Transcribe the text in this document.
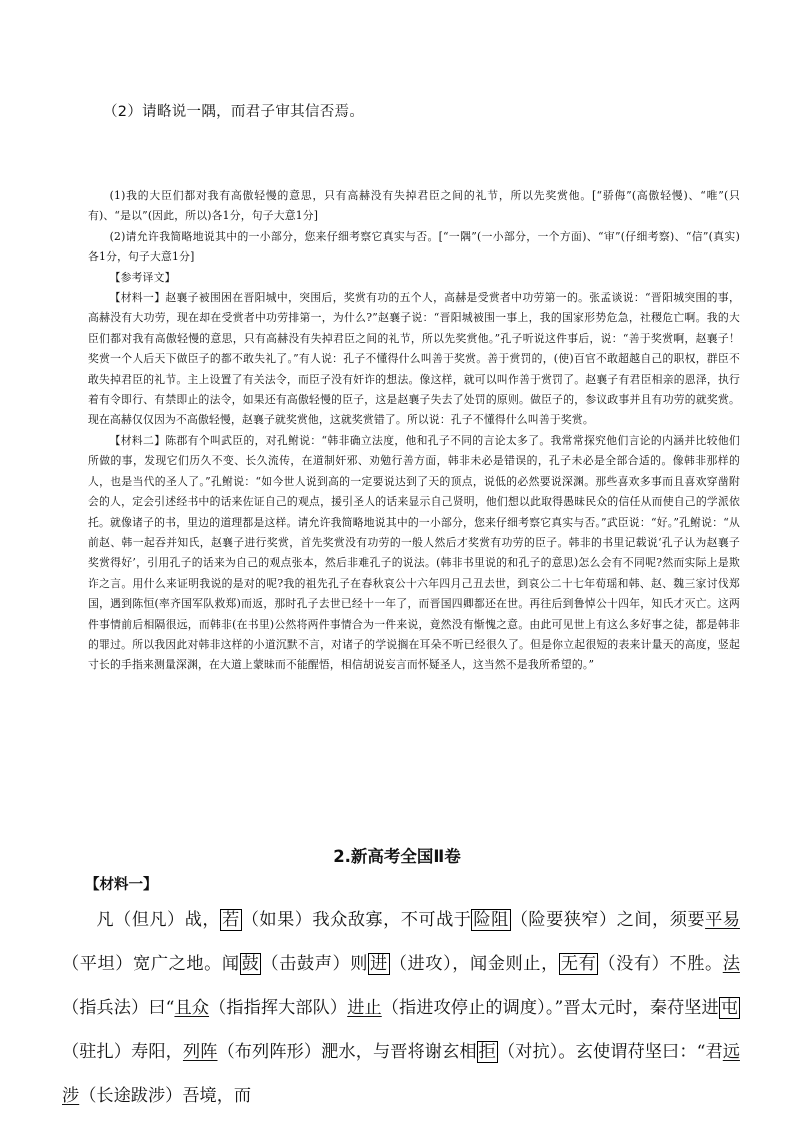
（2）请略说一隅，而君子审其信否焉。

(1)我的大臣们都对我有高傲轻慢的意思，只有高赫没有失掉君臣之间的礼节，所以先奖赏他。[“骄侮”(高傲轻慢)、“唯”(只有)、“是以”(因此，所以)各1分，句子大意1分]

(2)请允许我简略地说其中的一小部分，您来仔细考察它真实与否。[“一隅”(一小部分，一个方面)、“审”(仔细考察)、“信”(真实)各1分，句子大意1分]

【参考译文】

【材料一】赵襄子被围困在晋阳城中，突围后，奖赏有功的五个人，高赫是受赏者中功劳第一的。张孟谈说：“晋阳城突围的事，高赫没有大功劳，现在却在受赏者中功劳排第一，为什么?”赵襄子说：“晋阳城被围一事上，我的国家形势危急，社稷危亡啊。我的大臣们都对我有高傲轻慢的意思，只有高赫没有失掉君臣之间的礼节，所以先奖赏他。”孔子听说这件事后，说：“善于奖赏啊，赵襄子！奖赏一个人后天下做臣子的都不敢失礼了。”有人说：孔子不懂得什么叫善于奖赏。善于赏罚的，(使)百官不敢超越自己的职权，群臣不敢失掉君臣的礼节。主上设置了有关法令，而臣子没有奸诈的想法。像这样，就可以叫作善于赏罚了。赵襄子有君臣相亲的恩泽，执行着有令即行、有禁即止的法令，如果还有高傲轻慢的臣子，这是赵襄子失去了处罚的原则。做臣子的，参议政事并且有功劳的就奖赏。现在高赫仅仅因为不高傲轻慢，赵襄子就奖赏他，这就奖赏错了。所以说：孔子不懂得什么叫善于奖赏。

【材料二】陈郡有个叫武臣的，对孔鲋说：“韩非确立法度，他和孔子不同的言论太多了。我常常探究他们言论的内涵并比较他们所做的事，发现它们历久不变、长久流传，在道制奸邪、劝勉行善方面，韩非未必是错误的，孔子未必是全部合适的。像韩非那样的人，也是当代的圣人了。”孔鲋说：“如今世人说到高的一定要说达到了天的顶点，说低的必然要说深渊。那些喜欢多事而且喜欢穿凿附会的人，定会引述经书中的话来佐证自己的观点，援引圣人的话来显示自己贤明，他们想以此取得愚昧民众的信任从而使自己的学派依托。就像诸子的书，里边的道理都是这样。请允许我简略地说其中的一小部分，您来仔细考察它真实与否。”武臣说：“好。”孔鲋说：“从前赵、韩一起吞并知氏，赵襄子进行奖赏，首先奖赏没有功劳的一般人然后才奖赏有功劳的臣子。韩非的书里记载说‘孔子认为赵襄子奖赏得好’，引用孔子的话来为自己的观点张本，然后非难孔子的说法。(韩非书里说的和孔子的意思)怎么会有不同呢?然而实际上是欺诈之言。用什么来证明我说的是对的呢?我的祖先孔子在春秋哀公十六年四月己丑去世，到哀公二十七年荀瑶和韩、赵、魏三家讨伐郑国，遇到陈恒(率齐国军队救郑)而返，那时孔子去世已经十一年了，而晋国四卿都还在世。再往后到鲁悼公十四年，知氏才灭亡。这两件事情前后相隔很远，而韩非(在书里)公然将两件事情合为一件来说，竟然没有惭愧之意。由此可见世上有这么多好事之徒，都是韩非的罪过。所以我因此对韩非这样的小道沉默不言，对诸子的学说搁在耳朵不听已经很久了。但是你立起很短的表来计量天的高度，竖起寸长的手指来测量深渊，在大道上蒙昧而不能醒悟，相信胡说妄言而怀疑圣人，这当然不是我所希望的。”

2.新高考全国Ⅱ卷
【材料一】

凡（但凡）战， 若 （如果）我众敌寡，不可战于 险阻 （险要狭窄）之间，须要平易（平坦）宽广之地。闻 鼓 （击鼓声）则 进 （进攻），闻金则止， 无有 （没有）不胜。法（指兵法）曰“且众（指指挥大部队）进止（指进攻停止的调度）。”晋太元时，秦苻坚进 屯（驻扎）寿阳，列阵（布列阵形）淝水，与晋将谢玄相 拒 （对抗）。玄使谓苻坚曰：“君远涉（长途跋涉）吾境，而
